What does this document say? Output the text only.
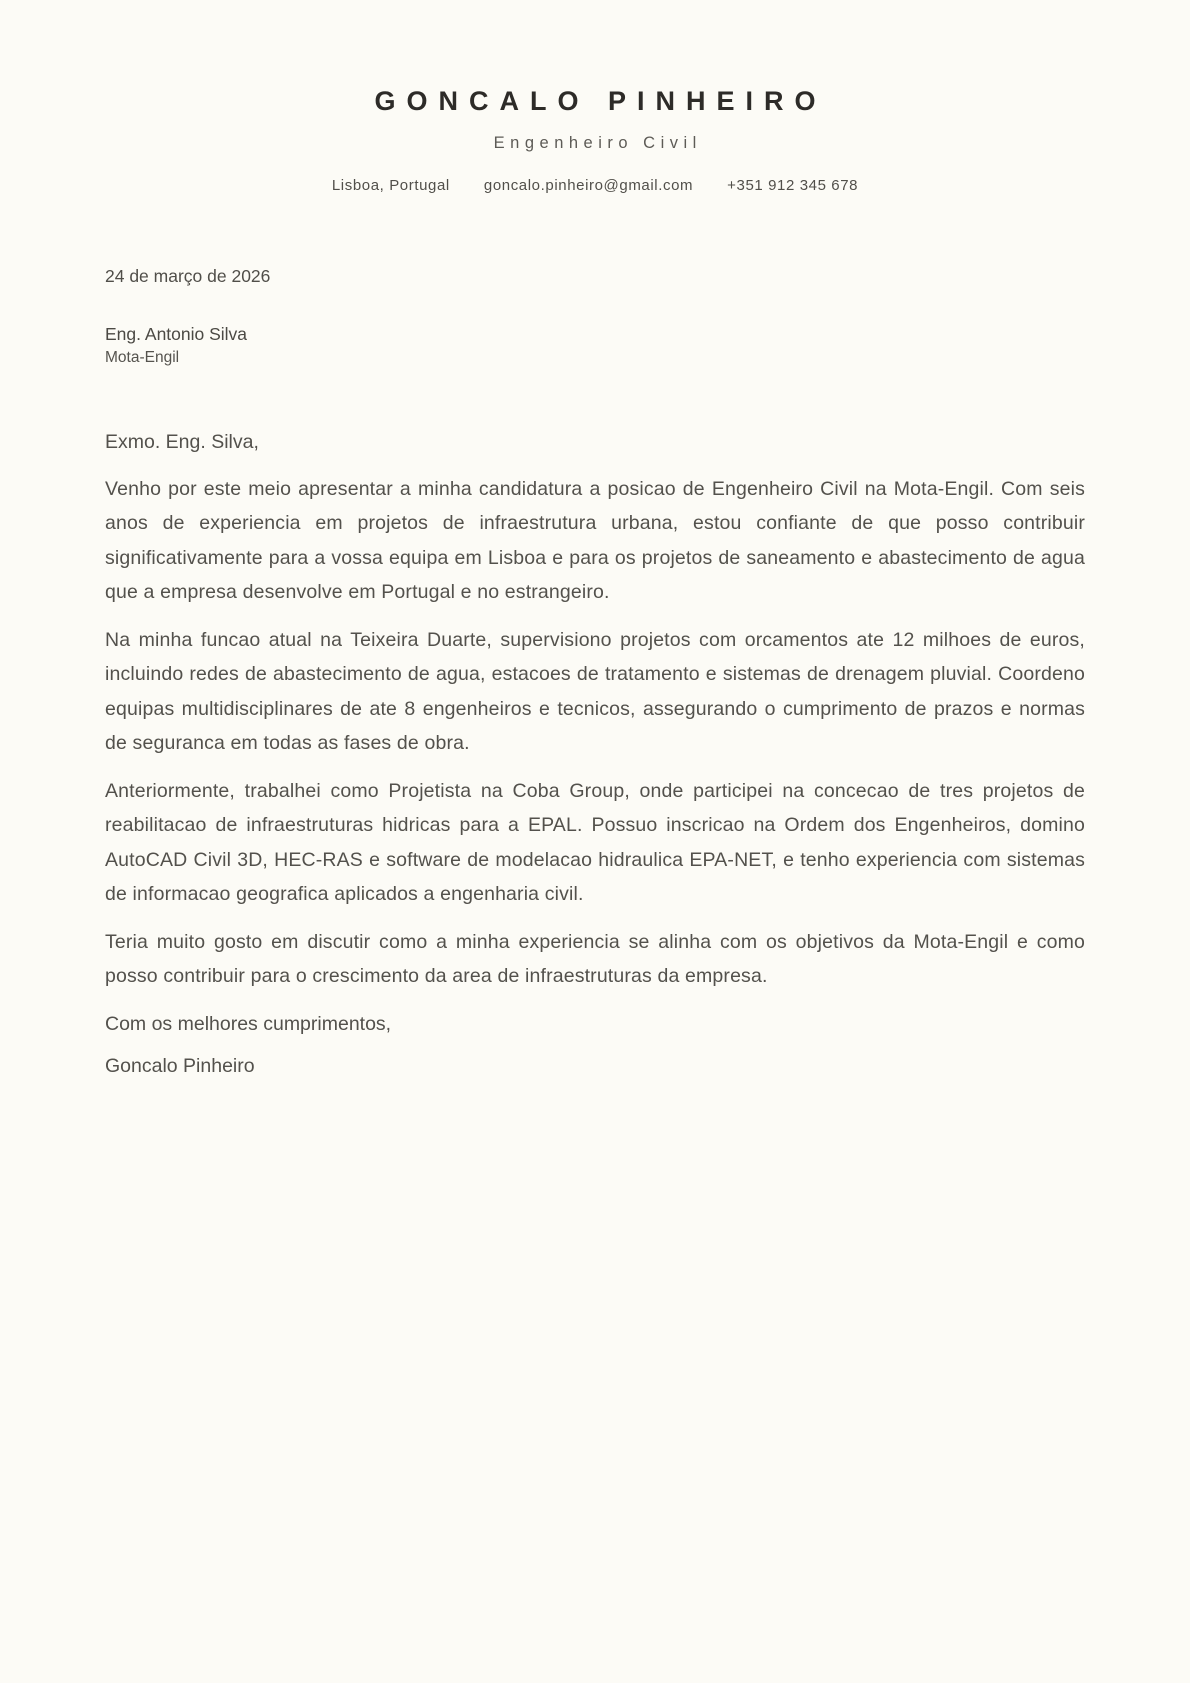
GONCALO PINHEIRO
Engenheiro Civil
Lisboa, Portugal goncalo.pinheiro@gmail.com +351 912 345 678

24 de março de 2026

Eng. Antonio Silva
Mota-Engil

Exmo. Eng. Silva,

Venho por este meio apresentar a minha candidatura a posicao de Engenheiro Civil na Mota-Engil. Com seis anos de experiencia em projetos de infraestrutura urbana, estou confiante de que posso contribuir significativamente para a vossa equipa em Lisboa e para os projetos de saneamento e abastecimento de agua que a empresa desenvolve em Portugal e no estrangeiro.

Na minha funcao atual na Teixeira Duarte, supervisiono projetos com orcamentos ate 12 milhoes de euros, incluindo redes de abastecimento de agua, estacoes de tratamento e sistemas de drenagem pluvial. Coordeno equipas multidisciplinares de ate 8 engenheiros e tecnicos, assegurando o cumprimento de prazos e normas de seguranca em todas as fases de obra.

Anteriormente, trabalhei como Projetista na Coba Group, onde participei na concecao de tres projetos de reabilitacao de infraestruturas hidricas para a EPAL. Possuo inscricao na Ordem dos Engenheiros, domino AutoCAD Civil 3D, HEC-RAS e software de modelacao hidraulica EPA-NET, e tenho experiencia com sistemas de informacao geografica aplicados a engenharia civil.

Teria muito gosto em discutir como a minha experiencia se alinha com os objetivos da Mota-Engil e como posso contribuir para o crescimento da area de infraestruturas da empresa.

Com os melhores cumprimentos,

Goncalo Pinheiro
